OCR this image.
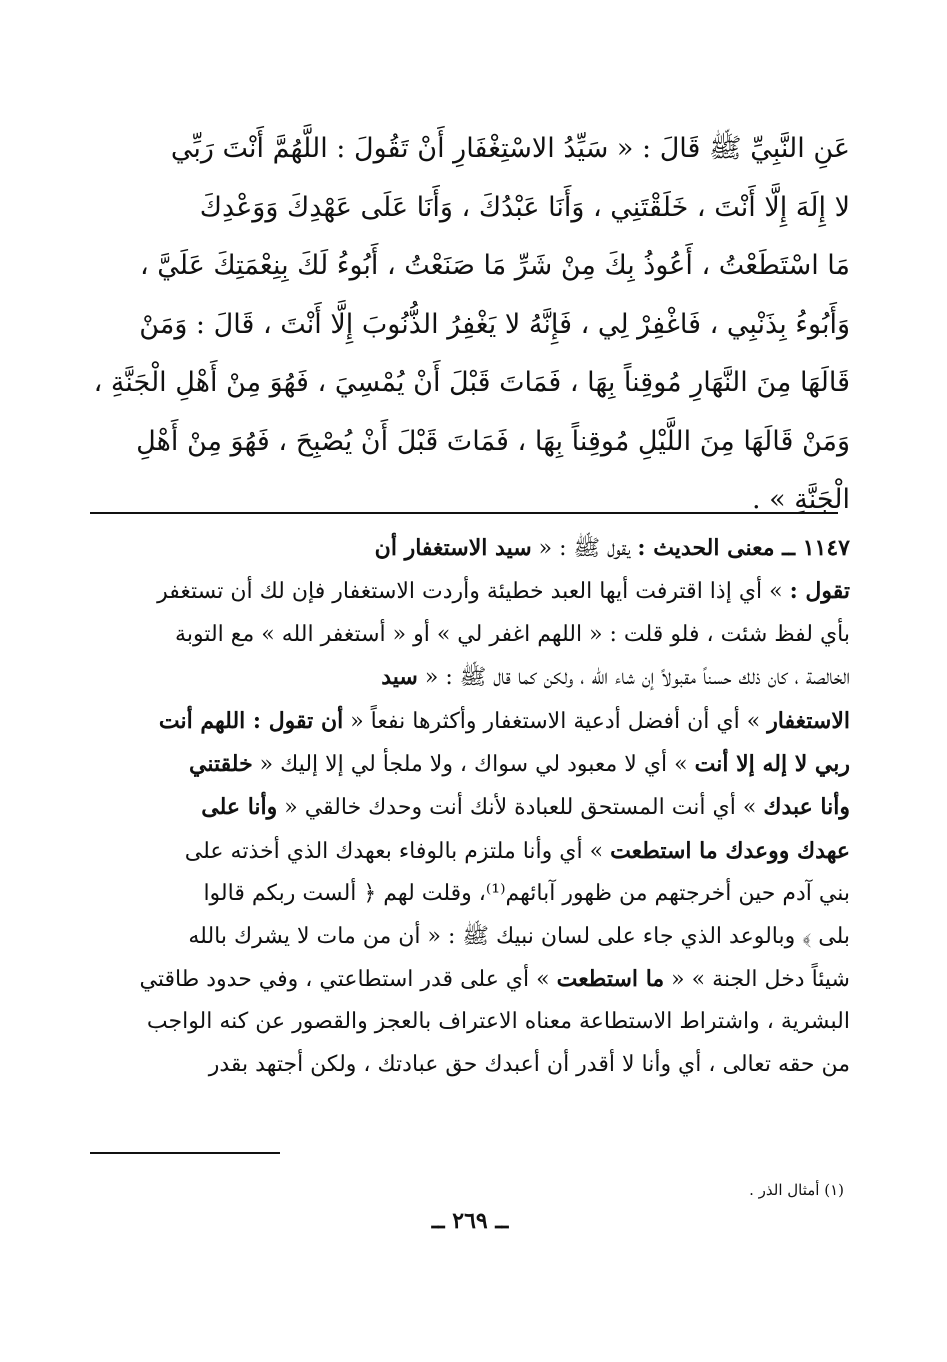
عَنِ النَّبِيِّ ﷺ قَالَ : « سَيِّدُ الاسْتِغْفَارِ أَنْ تَقُولَ : اللَّهُمَّ أَنْتَ رَبِّي
لا إِلَهَ إِلَّا أَنْتَ ، خَلَقْتَنِي ، وَأَنَا عَبْدُكَ ، وَأَنَا عَلَى عَهْدِكَ وَوَعْدِكَ
مَا اسْتَطَعْتُ ، أَعُوذُ بِكَ مِنْ شَرِّ مَا صَنَعْتُ ، أَبُوءُ لَكَ بِنِعْمَتِكَ عَلَيَّ ،
وَأَبُوءُ بِذَنْبِي ، فَاغْفِرْ لِي ، فَإِنَّهُ لا يَغْفِرُ الذُّنُوبَ إِلَّا أَنْتَ ، قَالَ : وَمَنْ
قَالَهَا مِنَ النَّهَارِ مُوقِناً بِهَا ، فَمَاتَ قَبْلَ أَنْ يُمْسِيَ ، فَهُوَ مِنْ أَهْلِ الْجَنَّةِ ،
وَمَنْ قَالَهَا مِنَ اللَّيْلِ مُوقِناً بِهَا ، فَمَاتَ قَبْلَ أَنْ يُصْبِحَ ، فَهُوَ مِنْ أَهْلِ
الْجَنَّةِ » .
١١٤٧ ــ معنى الحديث : يقول ﷺ : « سيد الاستغفار أن
تقول : » أي إذا اقترفت أيها العبد خطيئة وأردت الاستغفار فإن لك أن تستغفر
بأي لفظ شئت ، فلو قلت : « اللهم اغفر لي » أو « أستغفر الله » مع التوبة
الخالصة ، كان ذلك حسناً مقبولاً إن شاء الله ، ولكن كما قال ﷺ : « سيد
الاستغفار » أي أن أفضل أدعية الاستغفار وأكثرها نفعاً « أن تقول : اللهم أنت
ربي لا إله إلا أنت » أي لا معبود لي سواك ، ولا ملجأ لي إلا إليك « خلقتني
وأنا عبدك » أي أنت المستحق للعبادة لأنك أنت وحدك خالقي « وأنا على
عهدك ووعدك ما استطعت » أي وأنا ملتزم بالوفاء بعهدك الذي أخذته على
بني آدم حين أخرجتهم من ظهور آبائهم⁽¹⁾، وقلت لهم ﴿ ألست ربكم قالوا
بلى ﴾ وبالوعد الذي جاء على لسان نبيك ﷺ : « أن من مات لا يشرك بالله
شيئاً دخل الجنة » « ما استطعت » أي على قدر استطاعتي ، وفي حدود طاقتي
البشرية ، واشتراط الاستطاعة معناه الاعتراف بالعجز والقصور عن كنه الواجب
من حقه تعالى ، أي وأنا لا أقدر أن أعبدك حق عبادتك ، ولكن أجتهد بقدر
(١) أمثال الذر .
ــ ٢٦٩ ــ
